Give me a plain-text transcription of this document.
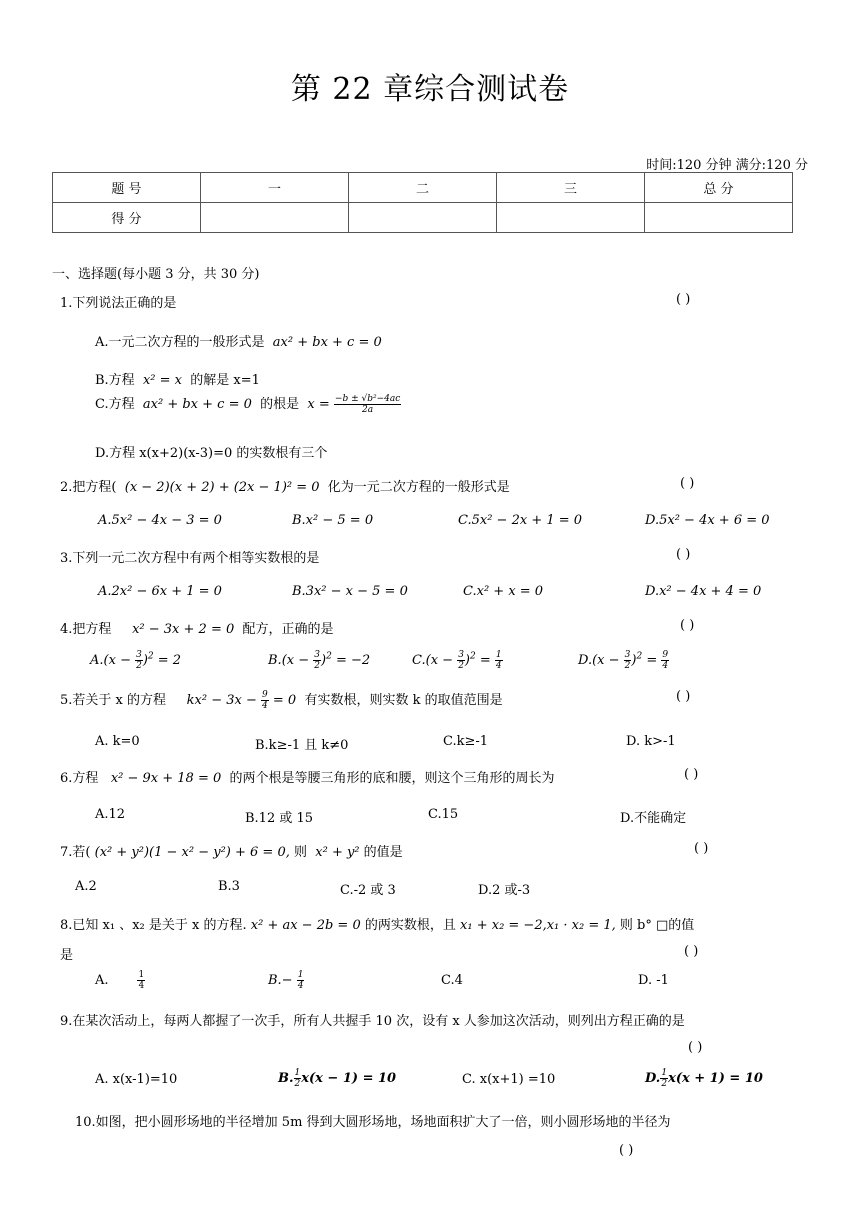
第 22 章综合测试卷
时间:120 分钟 满分:120 分
题 号	一	二	三	总 分
得 分				
一、选择题(每小题 3 分，共 30 分)
1.下列说法正确的是	( )
A.一元二次方程的一般形式是 ax² + bx + c = 0
B.方程 x² = x 的解是 x=1
C.方程 ax² + bx + c = 0 的根是 $x = \frac{\text{−b ± √b²−4ac}}{2a}$
D.方程 x(x+2)(x-3)=0 的实数根有三个
2.把方程( (x − 2)(x + 2) + (2x − 1)² = 0 化为一元二次方程的一般形式是	( )
A.5x² − 4x − 3 = 0	B.x² − 5 = 0	C.5x² − 2x + 1 = 0	D.5x² − 4x + 6 = 0
3.下列一元二次方程中有两个相等实数根的是	( )
A.2x² − 6x + 1 = 0	B.3x² − x − 5 = 0	C.x² + x = 0	D.x² − 4x + 4 = 0
4.把方程 x² − 3x + 2 = 0 配方，正确的是	( )
$A.(x - \frac{3}{2} )^2 = 2$	$B.(x - \frac{3}{2} )^2 = -2$	$C.(x - \frac{3}{2} )^2 = \frac{1}{4}$	$D.(x - \frac{3}{2} )^2 = \frac{9}{4}$
5.若关于 x 的方程 $kx^2 - 3x - \frac{9}{4} = 0$ 有实数根，则实数 k 的取值范围是	( )
A. k=0	B.k≥-1 且 k≠0	C.k≥-1	D. k>-1
6.方程 x² − 9x + 18 = 0 的两个根是等腰三角形的底和腰，则这个三角形的周长为	( )
A.12	B.12 或 15	C.15	D.不能确定
7.若( (x² + y²)(1 − x² − y²) + 6 = 0, 则 x² + y² 的值是	( )
A.2	B.3	C.-2 或 3	D.2 或-3
8.已知 x₁ 、x₂ 是关于 x 的方程. x² + ax − 2b = 0 的两实数根，且 x₁ + x₂ = −2,x₁ · x₂ = 1, 则 b° □的值
是	( )
A.	$\frac{1}{4}$	$B.- \frac{1}{4}$	C.4	D. -1
9.在某次活动上，每两人都握了一次手，所有人共握手 10 次，设有 x 人参加这次活动，则列出方程正确的是
( )
A. x(x-1)=10	B. $\frac{1}{2} x(x - 1) = 10$	C. x(x+1) =10	D. $\frac{1}{2} x(x + 1) = 10$
10.如图，把小圆形场地的半径增加 5m 得到大圆形场地，场地面积扩大了一倍，则小圆形场地的半径为
( )
